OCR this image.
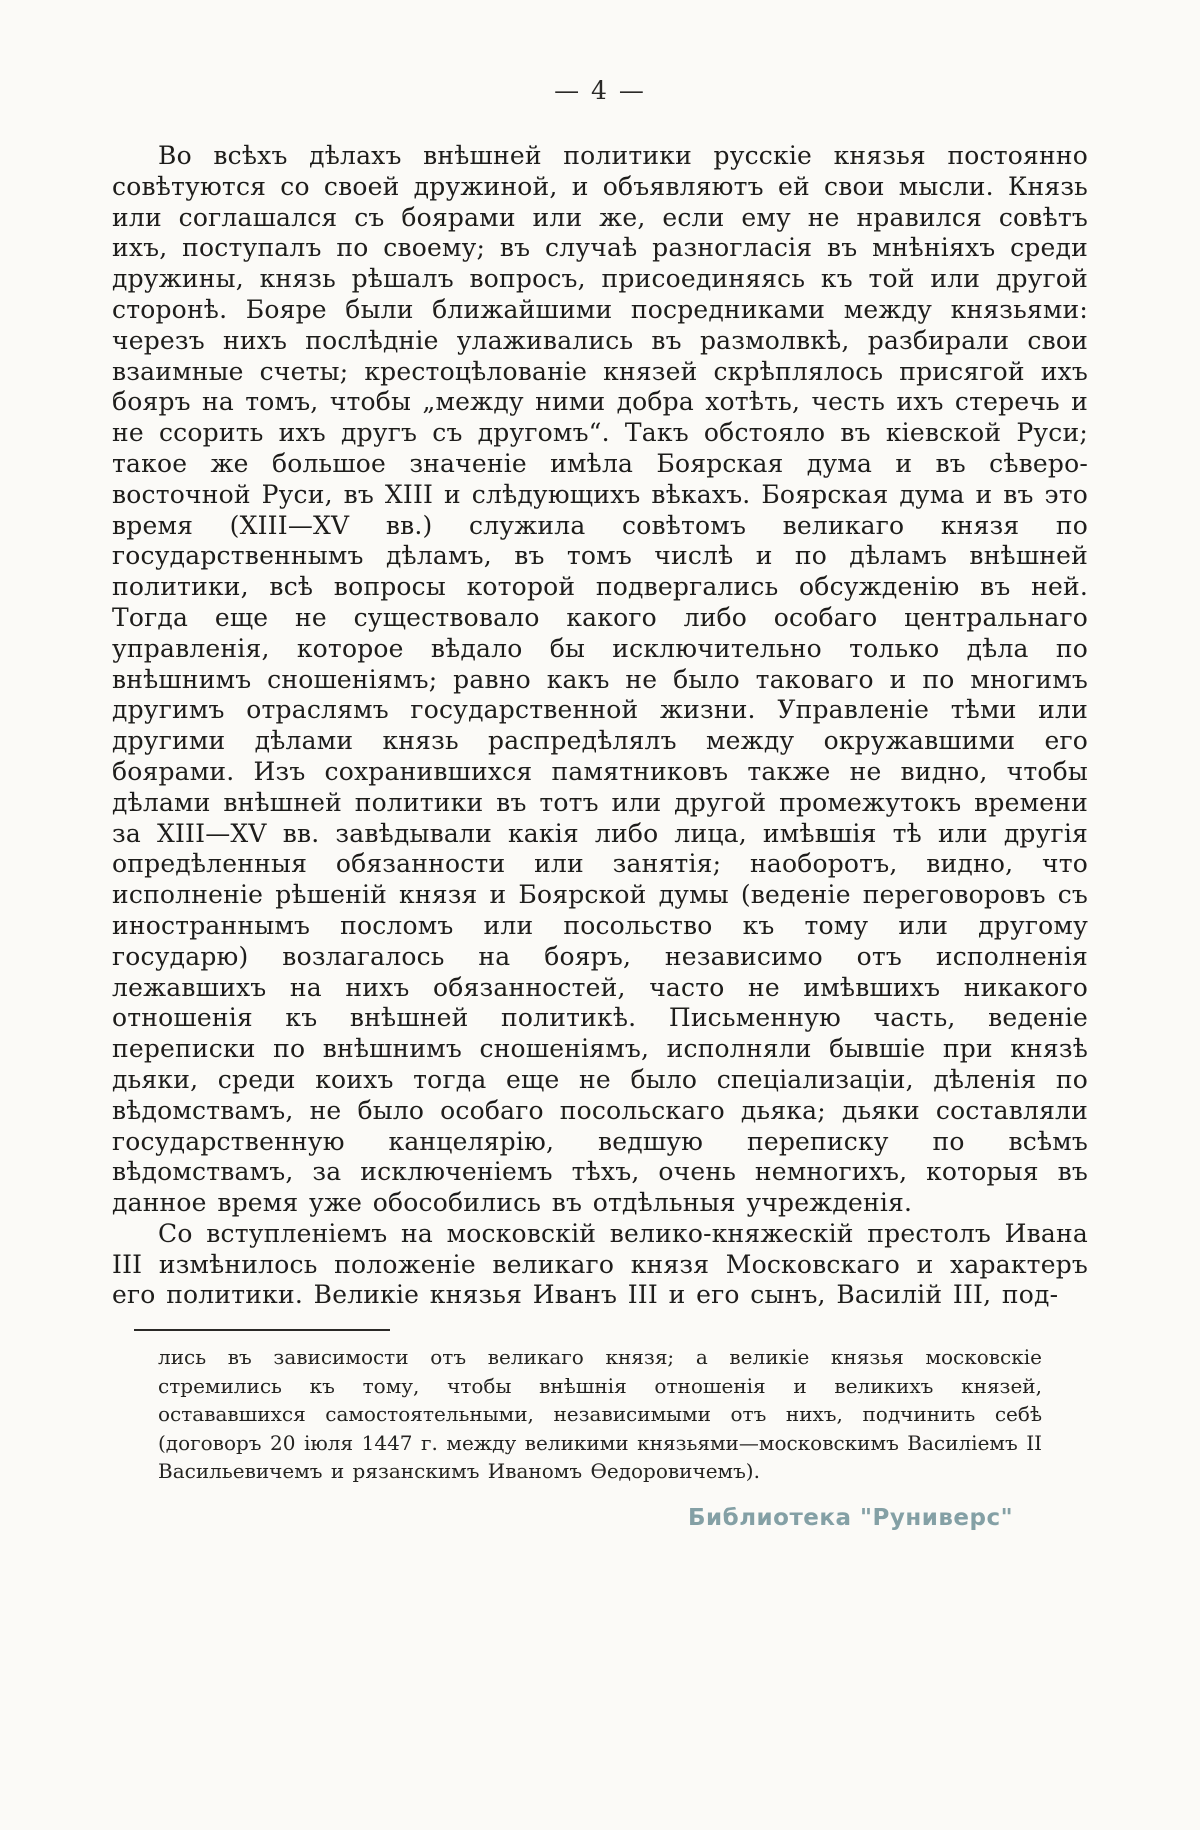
— 4 —

Во всѣхъ дѣлахъ внѣшней политики русскіе князья постоянно совѣтуются со своей дружиной, и объявляютъ ей свои мысли. Князь или соглашался съ боярами или же, если ему не нравился совѣтъ ихъ, поступалъ по своему; въ случаѣ разногласія въ мнѣніяхъ среди дружины, князь рѣшалъ вопросъ, присоединяясь къ той или другой сторонѣ. Бояре были ближайшими посредниками между князьями: черезъ нихъ послѣдніе улаживались въ размолвкѣ, разбирали свои взаимные счеты; крестоцѣлованіе князей скрѣплялось присягой ихъ бояръ на томъ, чтобы „между ними добра хотѣть, честь ихъ стеречь и не ссорить ихъ другъ съ другомъ“. Такъ обстояло въ кіевской Руси; такое же большое значеніе имѣла Боярская дума и въ сѣверо-восточной Руси, въ XIII и слѣдующихъ вѣкахъ. Боярская дума и въ это время (XIII—XV вв.) служила совѣтомъ великаго князя по государственнымъ дѣламъ, въ томъ числѣ и по дѣламъ внѣшней политики, всѣ вопросы которой подвергались обсужденію въ ней. Тогда еще не существовало какого либо особаго центральнаго управленія, которое вѣдало бы исключительно только дѣла по внѣшнимъ сношеніямъ; равно какъ не было таковаго и по многимъ другимъ отраслямъ государственной жизни. Управленіе тѣми или другими дѣлами князь распредѣлялъ между окружавшими его боярами. Изъ сохранившихся памятниковъ также не видно, чтобы дѣлами внѣшней политики въ тотъ или другой промежутокъ времени за XIII—XV вв. завѣдывали какія либо лица, имѣвшія тѣ или другія опредѣленныя обязанности или занятія; наоборотъ, видно, что исполненіе рѣшеній князя и Боярской думы (веденіе переговоровъ съ иностраннымъ посломъ или посольство къ тому или другому государю) возлагалось на бояръ, независимо отъ исполненія лежавшихъ на нихъ обязанностей, часто не имѣвшихъ никакого отношенія къ внѣшней политикѣ. Письменную часть, веденіе переписки по внѣшнимъ сношеніямъ, исполняли бывшіе при князѣ дьяки, среди коихъ тогда еще не было спеціализаціи, дѣленія по вѣдомствамъ, не было особаго посольскаго дьяка; дьяки составляли государственную канцелярію, ведшую переписку по всѣмъ вѣдомствамъ, за исключеніемъ тѣхъ, очень немногихъ, которыя въ данное время уже обособились въ отдѣльныя учрежденія.

Со вступленіемъ на московскій велико-княжескій престолъ Ивана III измѣнилось положеніе великаго князя Московскаго и характеръ его политики. Великіе князья Иванъ III и его сынъ, Василій III, под-

лись въ зависимости отъ великаго князя; а великіе князья московскіе стремились къ тому, чтобы внѣшнія отношенія и великихъ князей, остававшихся самостоятельными, независимыми отъ нихъ, подчинить себѣ (договоръ 20 іюля 1447 г. между великими князьями—московскимъ Василіемъ II Васильевичемъ и рязанскимъ Иваномъ Ѳедоровичемъ).

Библиотека "Руниверс"
